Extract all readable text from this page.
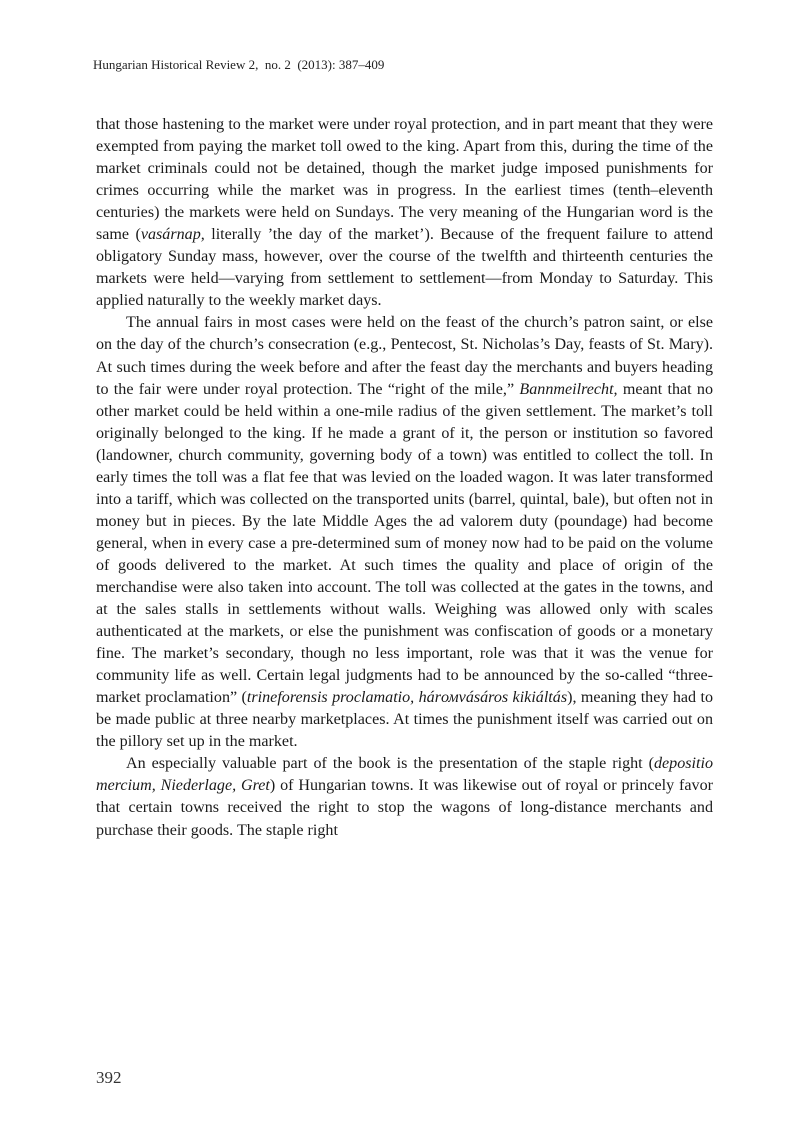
Hungarian Historical Review 2,  no. 2  (2013): 387–409

that those hastening to the market were under royal protection, and in part meant that they were exempted from paying the market toll owed to the king. Apart from this, during the time of the market criminals could not be detained, though the market judge imposed punishments for crimes occurring while the market was in progress. In the earliest times (tenth–eleventh centuries) the markets were held on Sundays. The very meaning of the Hungarian word is the same (vasárnap, literally ’the day of the market’). Because of the frequent failure to attend obligatory Sunday mass, however, over the course of the twelfth and thirteenth centuries the markets were held—varying from settlement to settlement—from Monday to Saturday. This applied naturally to the weekly market days.

The annual fairs in most cases were held on the feast of the church’s patron saint, or else on the day of the church’s consecration (e.g., Pentecost, St. Nicholas’s Day, feasts of St. Mary). At such times during the week before and after the feast day the merchants and buyers heading to the fair were under royal protection. The “right of the mile,” Bannmeilrecht, meant that no other market could be held within a one-mile radius of the given settlement. The market’s toll originally belonged to the king. If he made a grant of it, the person or institution so favored (landowner, church community, governing body of a town) was entitled to collect the toll. In early times the toll was a flat fee that was levied on the loaded wagon. It was later transformed into a tariff, which was collected on the transported units (barrel, quintal, bale), but often not in money but in pieces. By the late Middle Ages the ad valorem duty (poundage) had become general, when in every case a pre-determined sum of money now had to be paid on the volume of goods delivered to the market. At such times the quality and place of origin of the merchandise were also taken into account. The toll was collected at the gates in the towns, and at the sales stalls in settlements without walls. Weighing was allowed only with scales authenticated at the markets, or else the punishment was confiscation of goods or a monetary fine. The market’s secondary, though no less important, role was that it was the venue for community life as well. Certain legal judgments had to be announced by the so-called “three-market proclamation” (trineforensis proclamatio, hárомvásáros kikiáltás), meaning they had to be made public at three nearby marketplaces. At times the punishment itself was carried out on the pillory set up in the market.

An especially valuable part of the book is the presentation of the staple right (depositio mercium, Niederlage, Gret) of Hungarian towns. It was likewise out of royal or princely favor that certain towns received the right to stop the wagons of long-distance merchants and purchase their goods. The staple right

392
